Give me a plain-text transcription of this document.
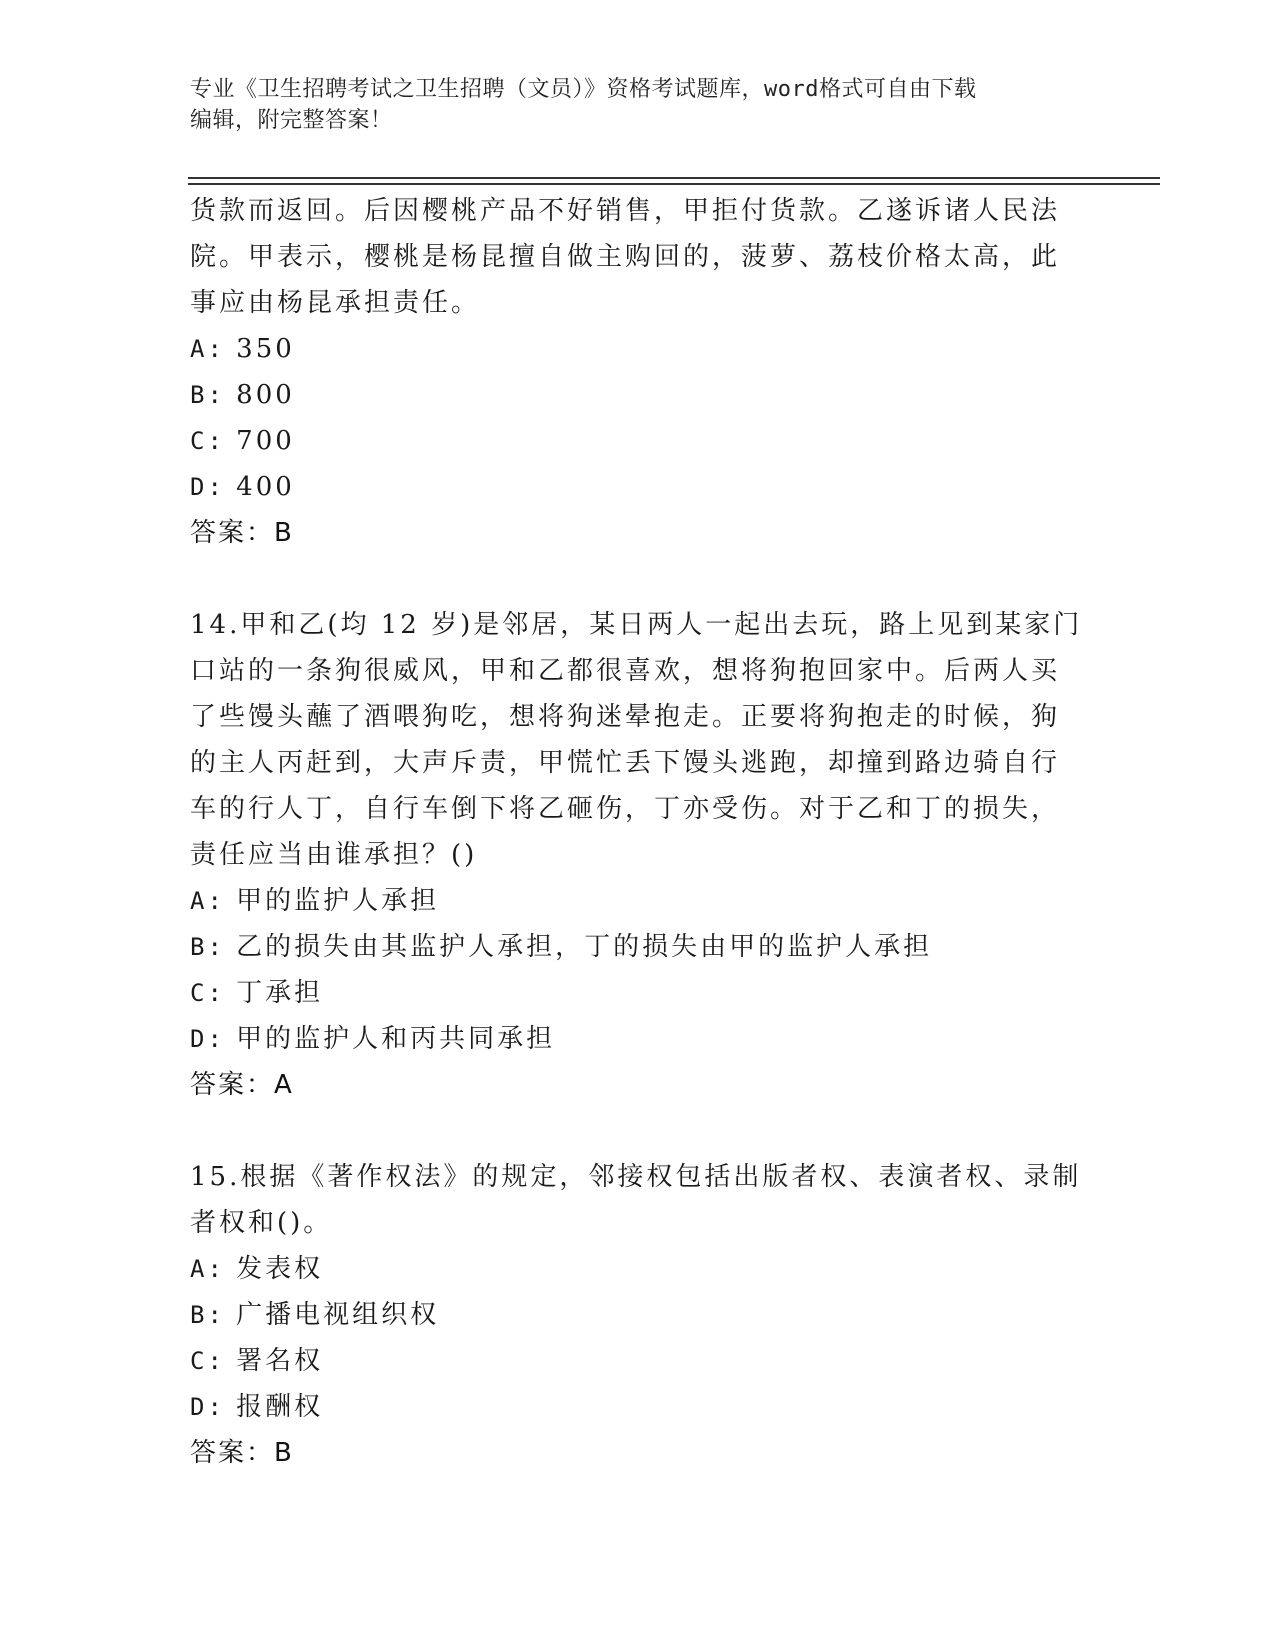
专业《卫生招聘考试之卫生招聘（文员）》资格考试题库，word格式可自由下载
编辑，附完整答案！

货款而返回。后因樱桃产品不好销售，甲拒付货款。乙遂诉诸人民法

院。甲表示，樱桃是杨昆擅自做主购回的，菠萝、荔枝价格太高，此

事应由杨昆承担责任。

A: 350
B: 800
C: 700
D: 400

答案：B

14.甲和乙(均 12 岁)是邻居，某日两人一起出去玩，路上见到某家门

口站的一条狗很威风，甲和乙都很喜欢，想将狗抱回家中。后两人买

了些馒头蘸了酒喂狗吃，想将狗迷晕抱走。正要将狗抱走的时候，狗

的主人丙赶到，大声斥责，甲慌忙丢下馒头逃跑，却撞到路边骑自行

车的行人丁，自行车倒下将乙砸伤，丁亦受伤。对于乙和丁的损失，

责任应当由谁承担？()

A: 甲的监护人承担
B: 乙的损失由其监护人承担，丁的损失由甲的监护人承担
C: 丁承担
D: 甲的监护人和丙共同承担

答案：A

15.根据《著作权法》的规定，邻接权包括出版者权、表演者权、录制

者权和()。

A: 发表权
B: 广播电视组织权
C: 署名权
D: 报酬权

答案：B
